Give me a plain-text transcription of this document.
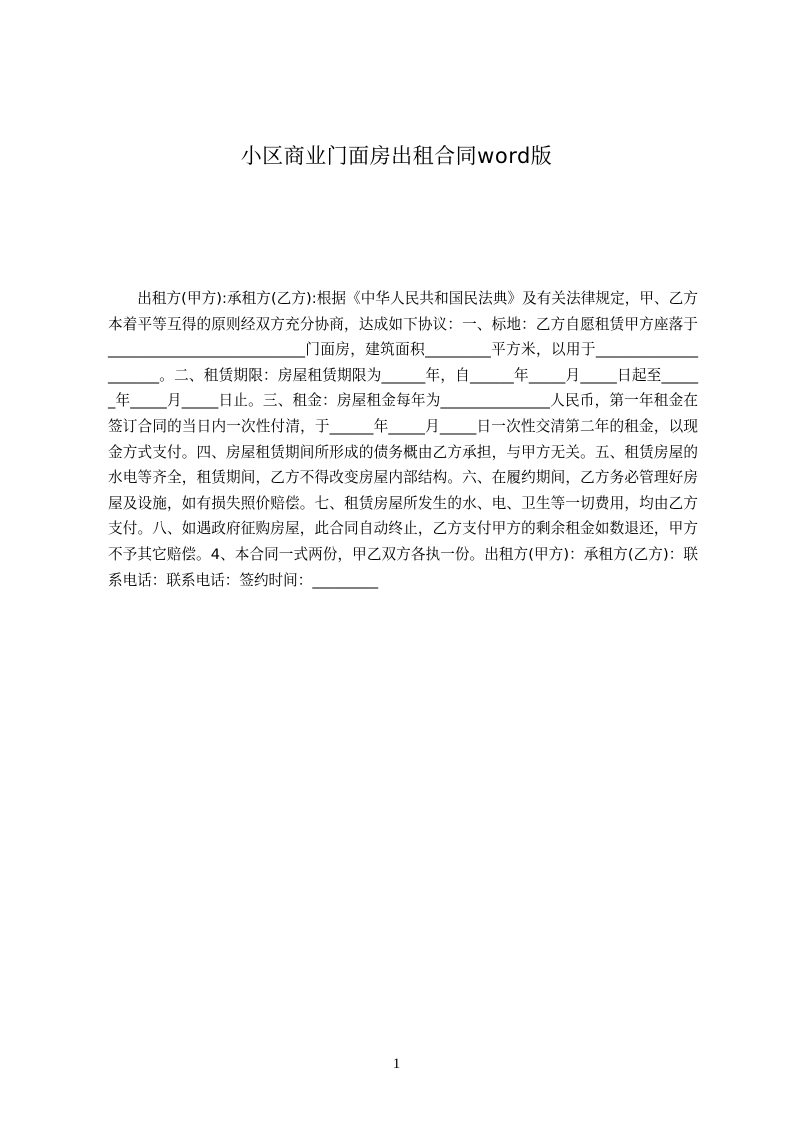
小区商业门面房出租合同word版

出租方(甲方):承租方(乙方):根据《中华人民共和国民法典》及有关法律规定，甲、乙方本着平等互得的原则经双方充分协商，达成如下协议：一、标地：乙方自愿租赁甲方座落于___________________________门面房，建筑面积_________平方米，以用于_____________________。二、租赁期限：房屋租赁期限为______年，自______年_____月_____日起至______年_____月_____日止。三、租金：房屋租金每年为_______________人民币，第一年租金在签订合同的当日内一次性付清，于______年_____月_____日一次性交清第二年的租金，以现金方式支付。四、房屋租赁期间所形成的债务概由乙方承担，与甲方无关。五、租赁房屋的水电等齐全，租赁期间，乙方不得改变房屋内部结构。六、在履约期间，乙方务必管理好房屋及设施，如有损失照价赔偿。七、租赁房屋所发生的水、电、卫生等一切费用，均由乙方支付。八、如遇政府征购房屋，此合同自动终止，乙方支付甲方的剩余租金如数退还，甲方不予其它赔偿。4、本合同一式两份，甲乙双方各执一份。出租方(甲方)：承租方(乙方)：联系电话：联系电话：签约时间：_________

1
